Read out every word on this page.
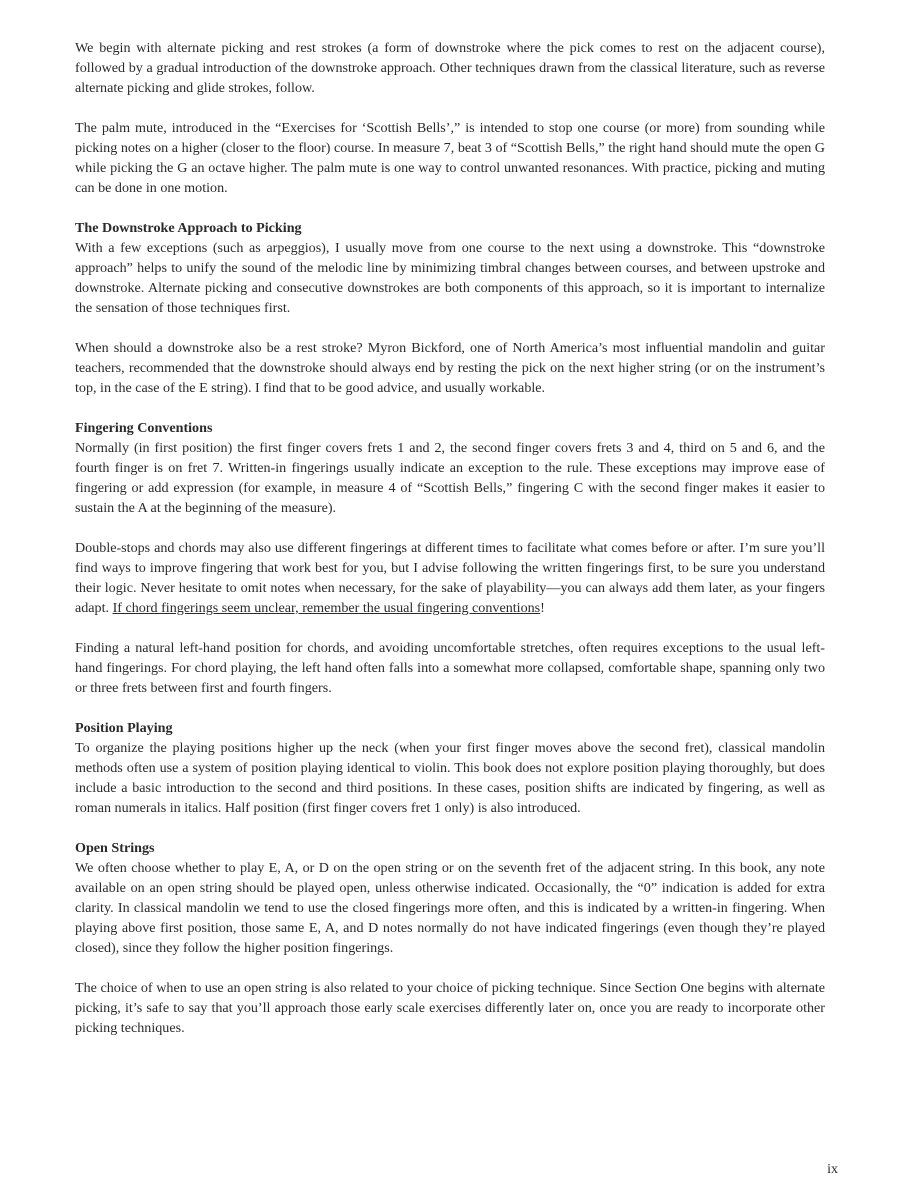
We begin with alternate picking and rest strokes (a form of downstroke where the pick comes to rest on the adjacent course), followed by a gradual introduction of the downstroke approach. Other techniques drawn from the classical literature, such as reverse alternate picking and glide strokes, follow.

The palm mute, introduced in the “Exercises for ‘Scottish Bells’,” is intended to stop one course (or more) from sounding while picking notes on a higher (closer to the floor) course. In measure 7, beat 3 of “Scottish Bells,” the right hand should mute the open G while picking the G an octave higher. The palm mute is one way to control unwanted resonances. With practice, picking and muting can be done in one motion.

The Downstroke Approach to Picking

With a few exceptions (such as arpeggios), I usually move from one course to the next using a downstroke. This “downstroke approach” helps to unify the sound of the melodic line by minimizing timbral changes between courses, and between upstroke and downstroke. Alternate picking and consecutive downstrokes are both components of this approach, so it is important to internalize the sensation of those techniques first.

When should a downstroke also be a rest stroke? Myron Bickford, one of North America’s most influential mandolin and guitar teachers, recommended that the downstroke should always end by resting the pick on the next higher string (or on the instrument’s top, in the case of the E string). I find that to be good advice, and usually workable.

Fingering Conventions

Normally (in first position) the first finger covers frets 1 and 2, the second finger covers frets 3 and 4, third on 5 and 6, and the fourth finger is on fret 7. Written-in fingerings usually indicate an exception to the rule. These exceptions may improve ease of fingering or add expression (for example, in measure 4 of “Scottish Bells,” fingering C with the second finger makes it easier to sustain the A at the beginning of the measure).

Double-stops and chords may also use different fingerings at different times to facilitate what comes before or after. I’m sure you’ll find ways to improve fingering that work best for you, but I advise following the written fingerings first, to be sure you understand their logic. Never hesitate to omit notes when necessary, for the sake of playability—you can always add them later, as your fingers adapt. If chord fingerings seem unclear, remember the usual fingering conventions!

Finding a natural left-hand position for chords, and avoiding uncomfortable stretches, often requires exceptions to the usual left-hand fingerings. For chord playing, the left hand often falls into a somewhat more collapsed, comfortable shape, spanning only two or three frets between first and fourth fingers.

Position Playing

To organize the playing positions higher up the neck (when your first finger moves above the second fret), classical mandolin methods often use a system of position playing identical to violin. This book does not explore position playing thoroughly, but does include a basic introduction to the second and third positions. In these cases, position shifts are indicated by fingering, as well as roman numerals in italics. Half position (first finger covers fret 1 only) is also introduced.

Open Strings

We often choose whether to play E, A, or D on the open string or on the seventh fret of the adjacent string. In this book, any note available on an open string should be played open, unless otherwise indicated. Occasionally, the “0” indication is added for extra clarity. In classical mandolin we tend to use the closed fingerings more often, and this is indicated by a written-in fingering. When playing above first position, those same E, A, and D notes normally do not have indicated fingerings (even though they’re played closed), since they follow the higher position fingerings.

The choice of when to use an open string is also related to your choice of picking technique. Since Section One begins with alternate picking, it’s safe to say that you’ll approach those early scale exercises differently later on, once you are ready to incorporate other picking techniques.

ix
